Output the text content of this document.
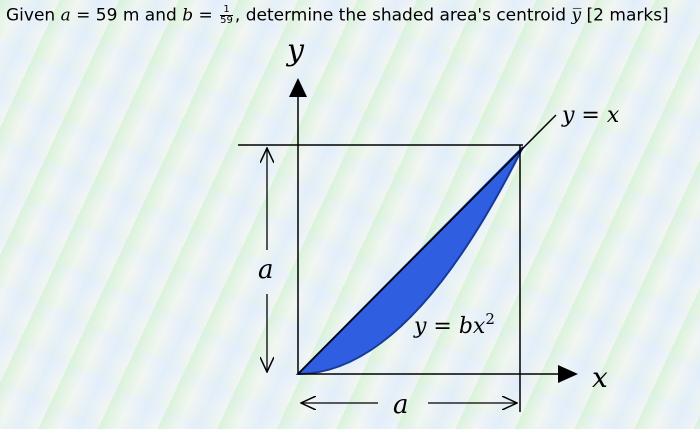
Given a = 59 m and $b = \frac{1}{59}$ , determine the shaded area's centroid y̅ [2 marks]
a
a
y
x
y = x
$y = bx^2$
